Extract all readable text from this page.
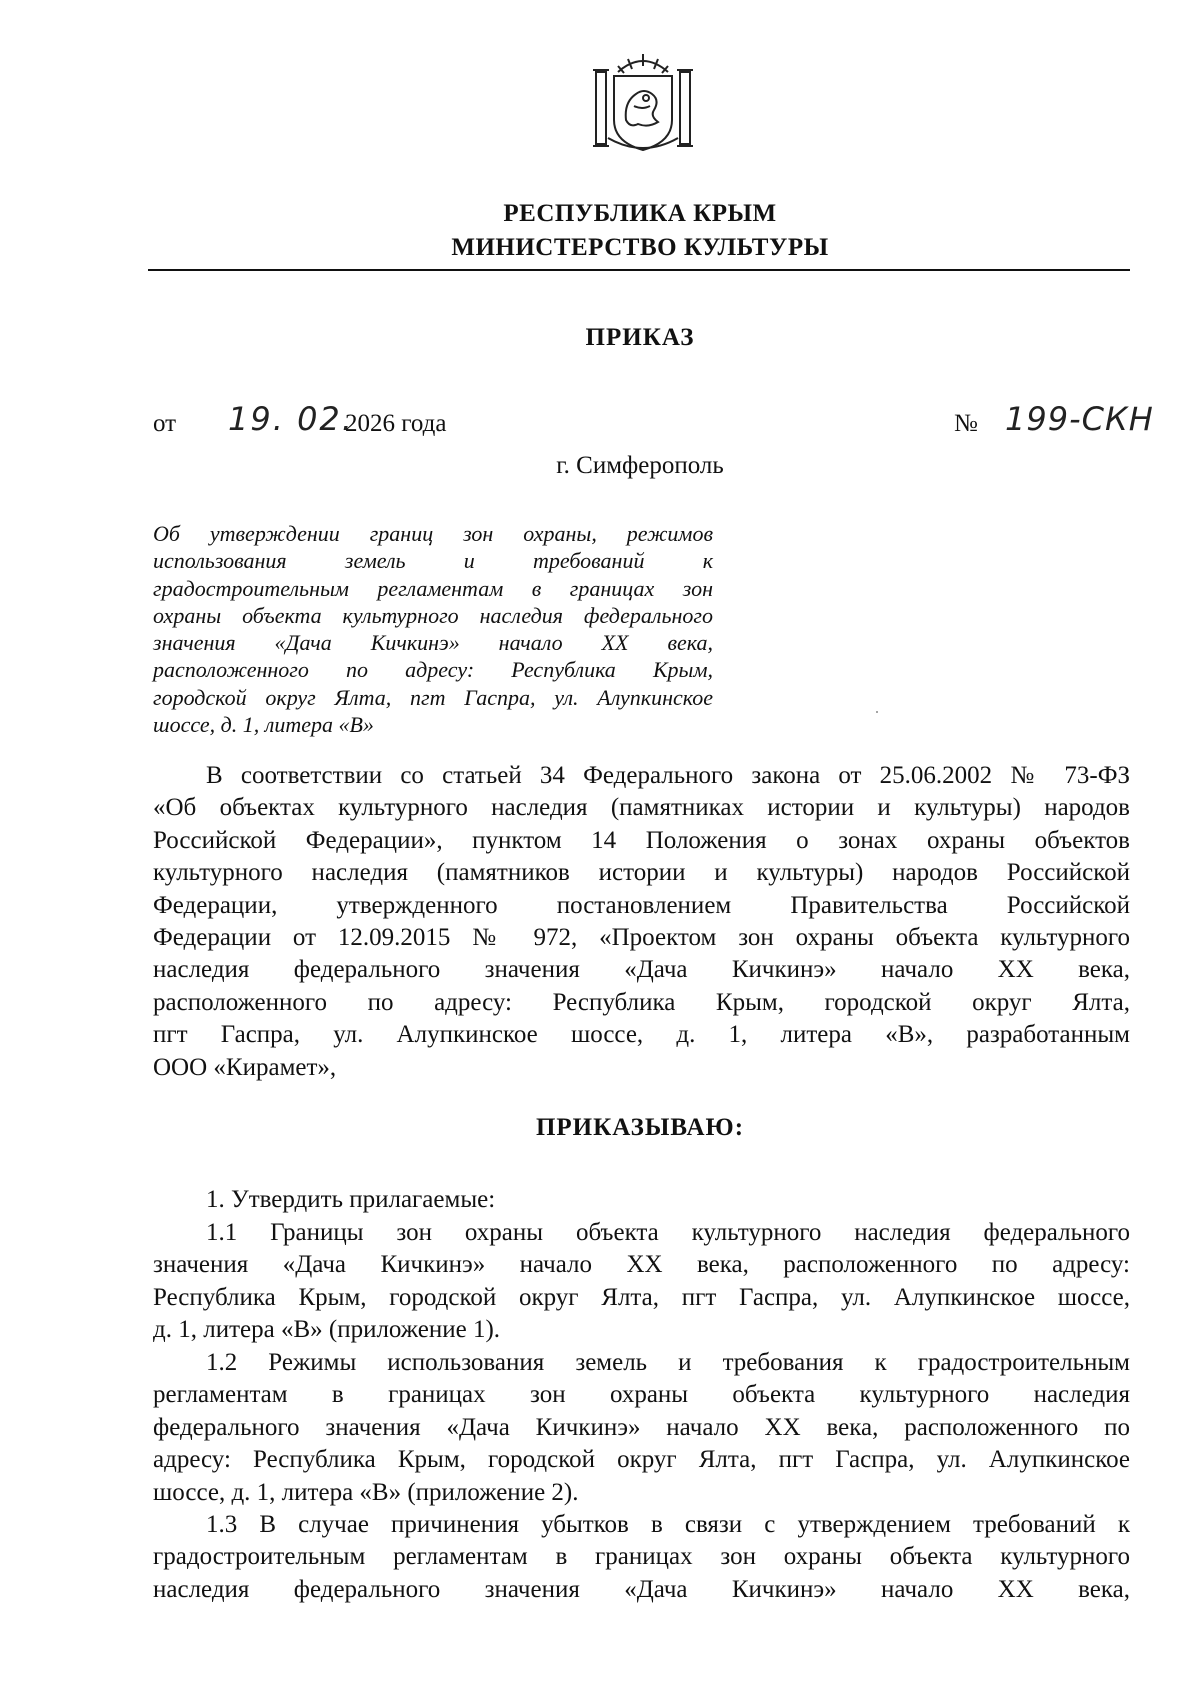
РЕСПУБЛИКА КРЫМ
МИНИСТЕРСТВО КУЛЬТУРЫ
ПРИКАЗ
от 19. 02.
2026 года	№ 199-СКН
г. Симферополь
Об утверждении границ зон охраны, режимов
использования земель и требований к
градостроительным регламентам в границах зон
охраны объекта культурного наследия федерального
значения «Дача Кичкинэ» начало XX века,
расположенного по адресу: Республика Крым,
городской округ Ялта, пгт Гаспра, ул. Алупкинское
шоссе, д. 1, литера «В»
В соответствии со статьей 34 Федерального закона от 25.06.2002 № 73-ФЗ
«Об объектах культурного наследия (памятниках истории и культуры) народов
Российской Федерации», пунктом 14 Положения о зонах охраны объектов
культурного наследия (памятников истории и культуры) народов Российской
Федерации, утвержденного постановлением Правительства Российской
Федерации от 12.09.2015 № 972, «Проектом зон охраны объекта культурного
наследия федерального значения «Дача Кичкинэ» начало XX века,
расположенного по адресу: Республика Крым, городской округ Ялта,
пгт Гаспра, ул. Алупкинское шоссе, д. 1, литера «В», разработанным
ООО «Кирамет»,
ПРИКАЗЫВАЮ:
1. Утвердить прилагаемые:
1.1 Границы зон охраны объекта культурного наследия федерального
значения «Дача Кичкинэ» начало XX века, расположенного по адресу:
Республика Крым, городской округ Ялта, пгт Гаспра, ул. Алупкинское шоссе,
д. 1, литера «В» (приложение 1).
1.2 Режимы использования земель и требования к градостроительным
регламентам в границах зон охраны объекта культурного наследия
федерального значения «Дача Кичкинэ» начало XX века, расположенного по
адресу: Республика Крым, городской округ Ялта, пгт Гаспра, ул. Алупкинское
шоссе, д. 1, литера «В» (приложение 2).
1.3 В случае причинения убытков в связи с утверждением требований к
градостроительным регламентам в границах зон охраны объекта культурного
наследия федерального значения «Дача Кичкинэ» начало XX века,
